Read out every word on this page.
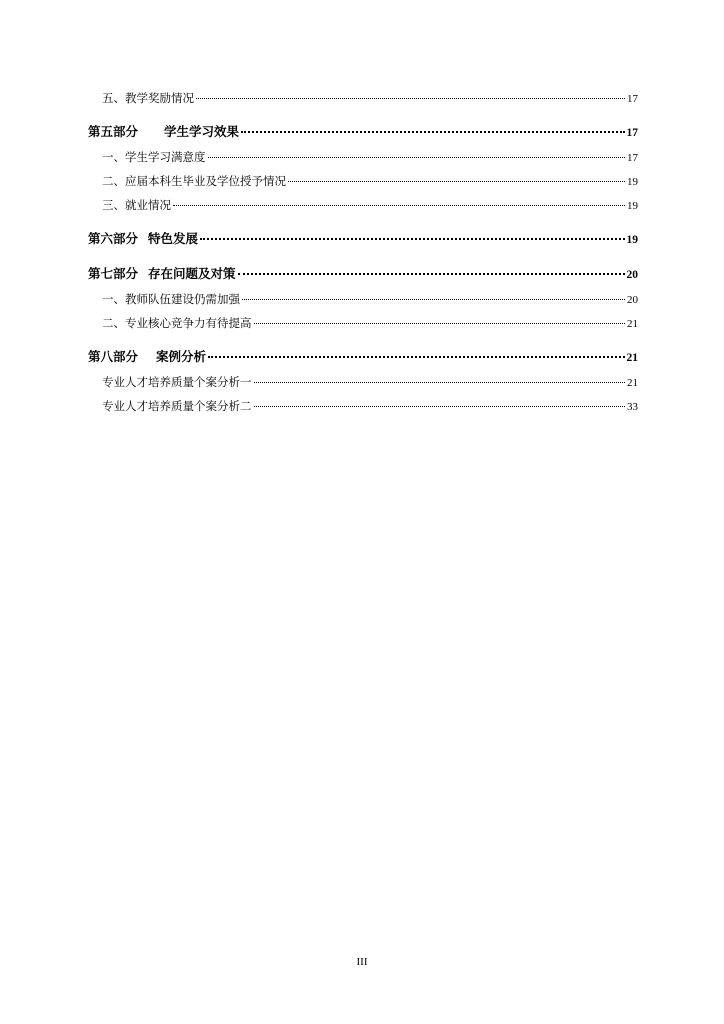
五、教学奖励情况	17
第五部分 学生学习效果	17
一、学生学习满意度	17
二、应届本科生毕业及学位授予情况	19
三、就业情况	19
第六部分 特色发展	19
第七部分 存在问题及对策	20
一、教师队伍建设仍需加强	20
二、专业核心竞争力有待提高	21
第八部分 案例分析	21
专业人才培养质量个案分析一	21
专业人才培养质量个案分析二	33
III
